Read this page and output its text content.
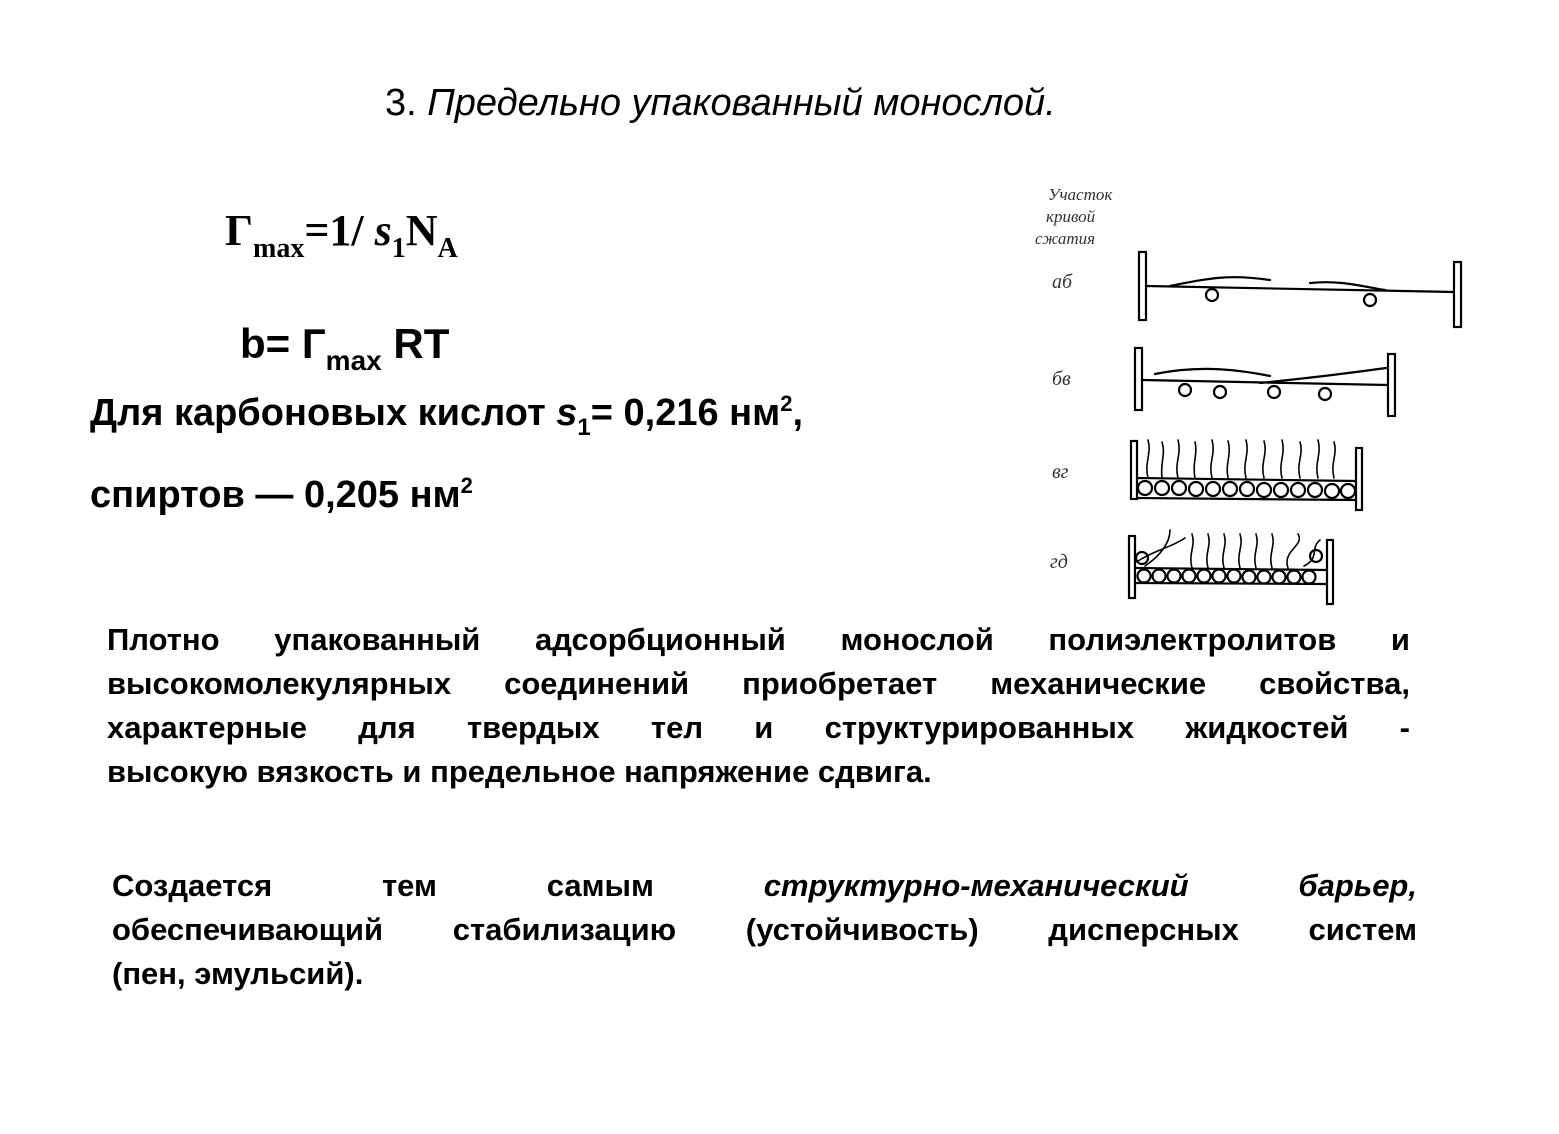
3. Предельно упакованный монослой.
$Г_{max}=1/$ $s_1N_A$
$b= Г_{max}$ RT
Для карбоновых кислот $s_1= 0,216$ $нм^2$,
спиртов — 0,205 $нм^2$
Участок
кривой
сжатия
аб
бв
вг
гд
Плотно упакованный адсорбционный монослой полиэлектролитов и
высокомолекулярных соединений приобретает механические свойства,
характерные для твердых тел и структурированных жидкостей -
высокую вязкость и предельное напряжение сдвига.
Создается тем самым структурно-механический барьер,
обеспечивающий стабилизацию (устойчивость) дисперсных систем
(пен, эмульсий).
